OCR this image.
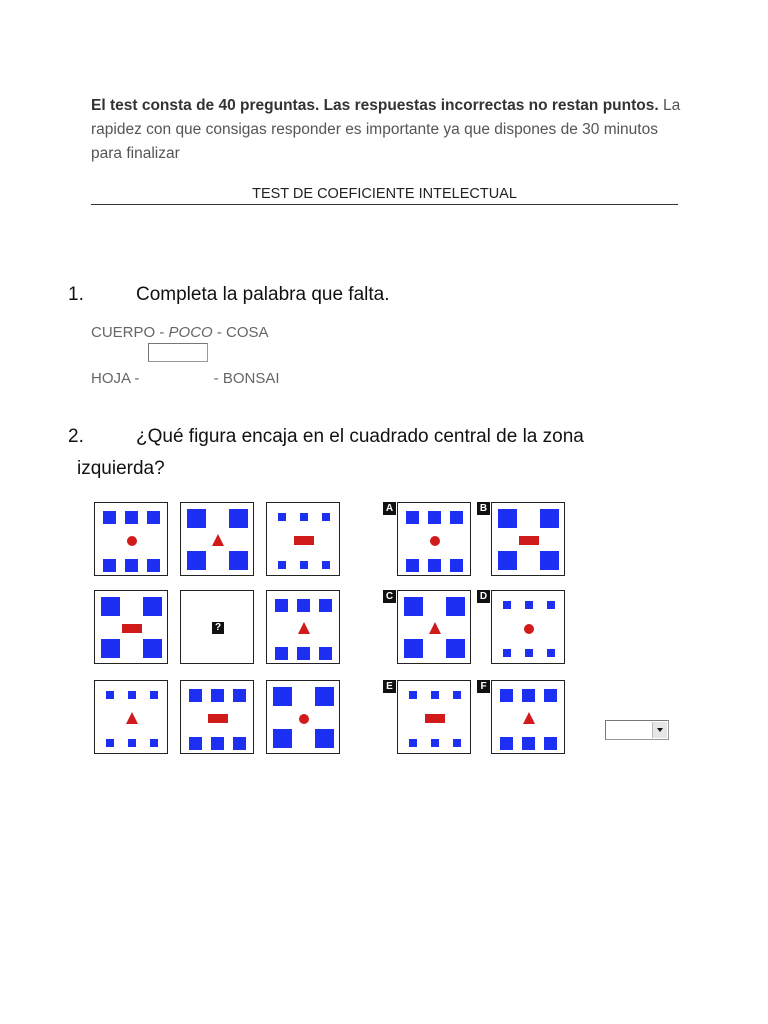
El test consta de 40 preguntas. Las respuestas incorrectas no restan puntos. La rapidez con que consigas responder es importante ya que dispones de 30 minutos para finalizar
TEST DE COEFICIENTE INTELECTUAL
1.	Completa la palabra que falta.
CUERPO - POCO - COSA
HOJA -	- BONSAI
2.	¿Qué figura encaja en el cuadrado central de la zona
izquierda?
?
A	B
C	D
E	F
